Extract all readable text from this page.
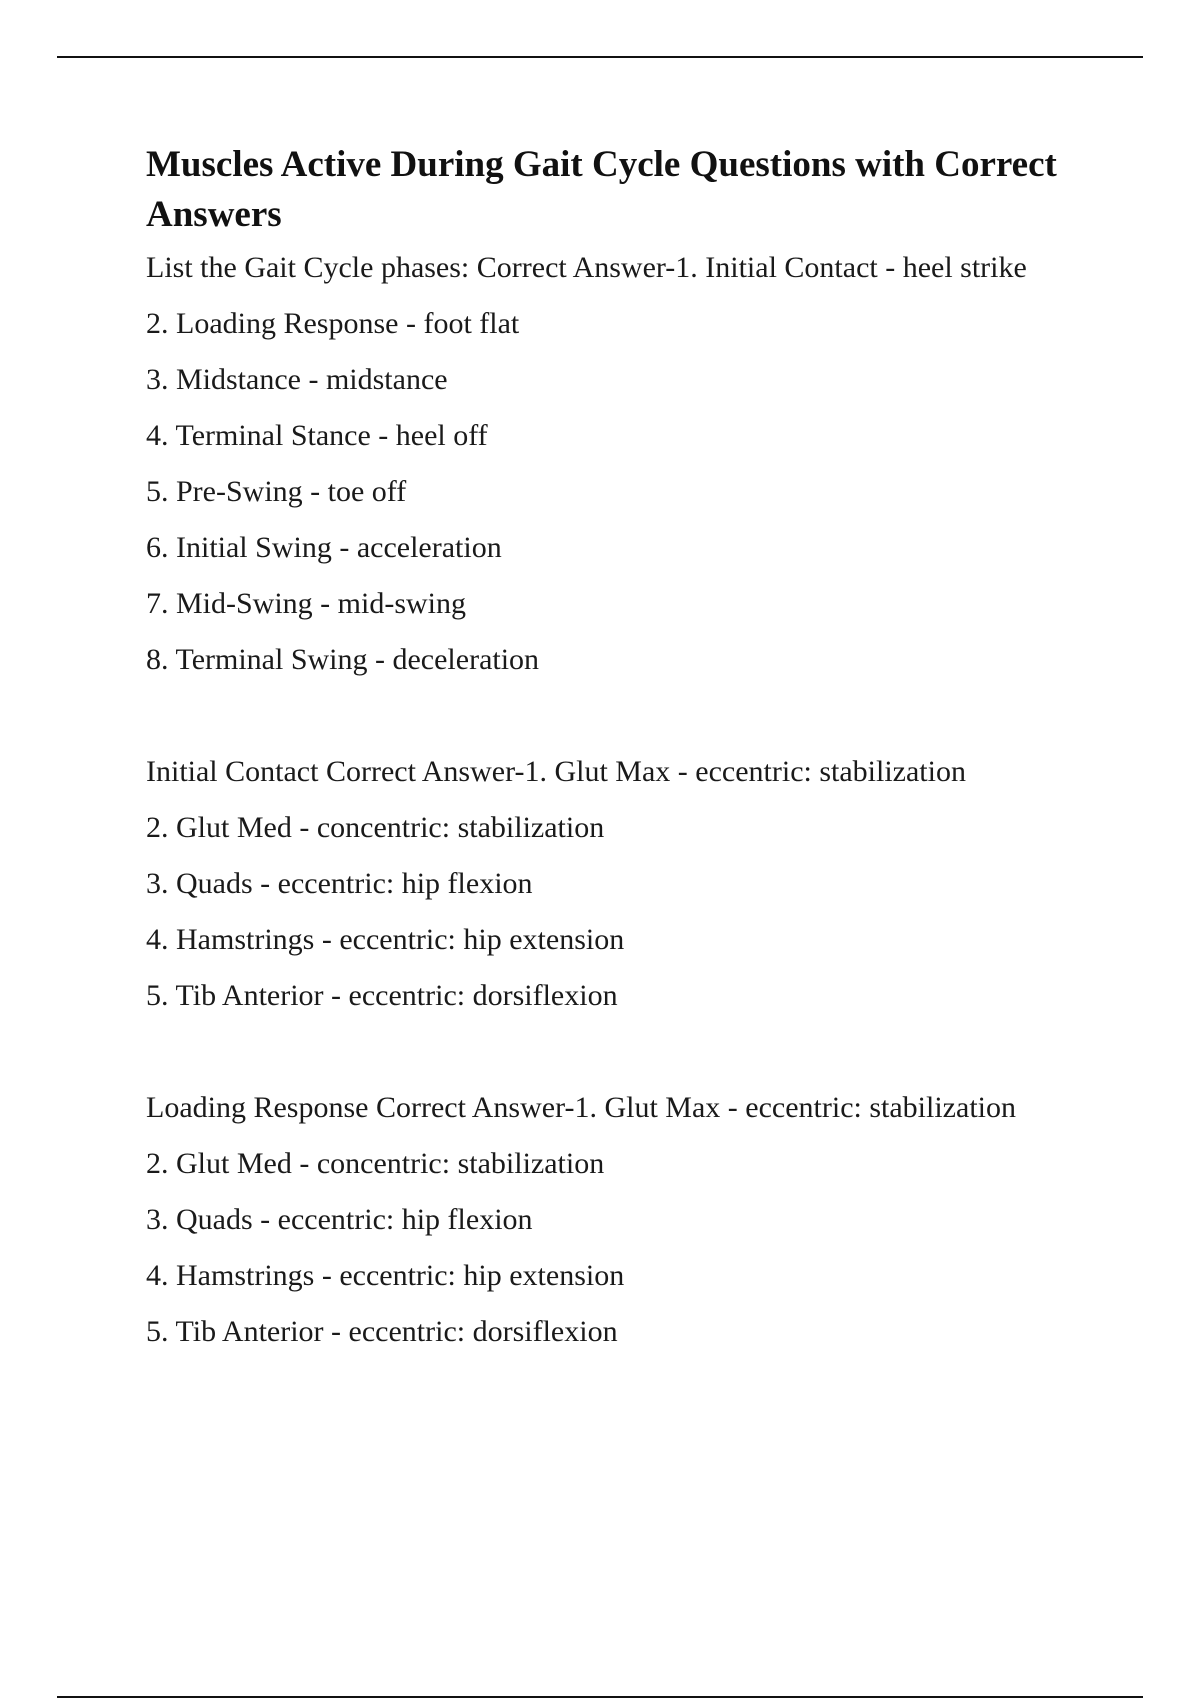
Muscles Active During Gait Cycle Questions with Correct Answers

List the Gait Cycle phases: Correct Answer-1. Initial Contact - heel strike

2. Loading Response - foot flat

3. Midstance - midstance

4. Terminal Stance - heel off

5. Pre-Swing - toe off

6. Initial Swing - acceleration

7. Mid-Swing - mid-swing

8. Terminal Swing - deceleration

Initial Contact Correct Answer-1. Glut Max - eccentric: stabilization

2. Glut Med - concentric: stabilization

3. Quads - eccentric: hip flexion

4. Hamstrings - eccentric: hip extension

5. Tib Anterior - eccentric: dorsiflexion

Loading Response Correct Answer-1. Glut Max - eccentric: stabilization

2. Glut Med - concentric: stabilization

3. Quads - eccentric: hip flexion

4. Hamstrings - eccentric: hip extension

5. Tib Anterior - eccentric: dorsiflexion
